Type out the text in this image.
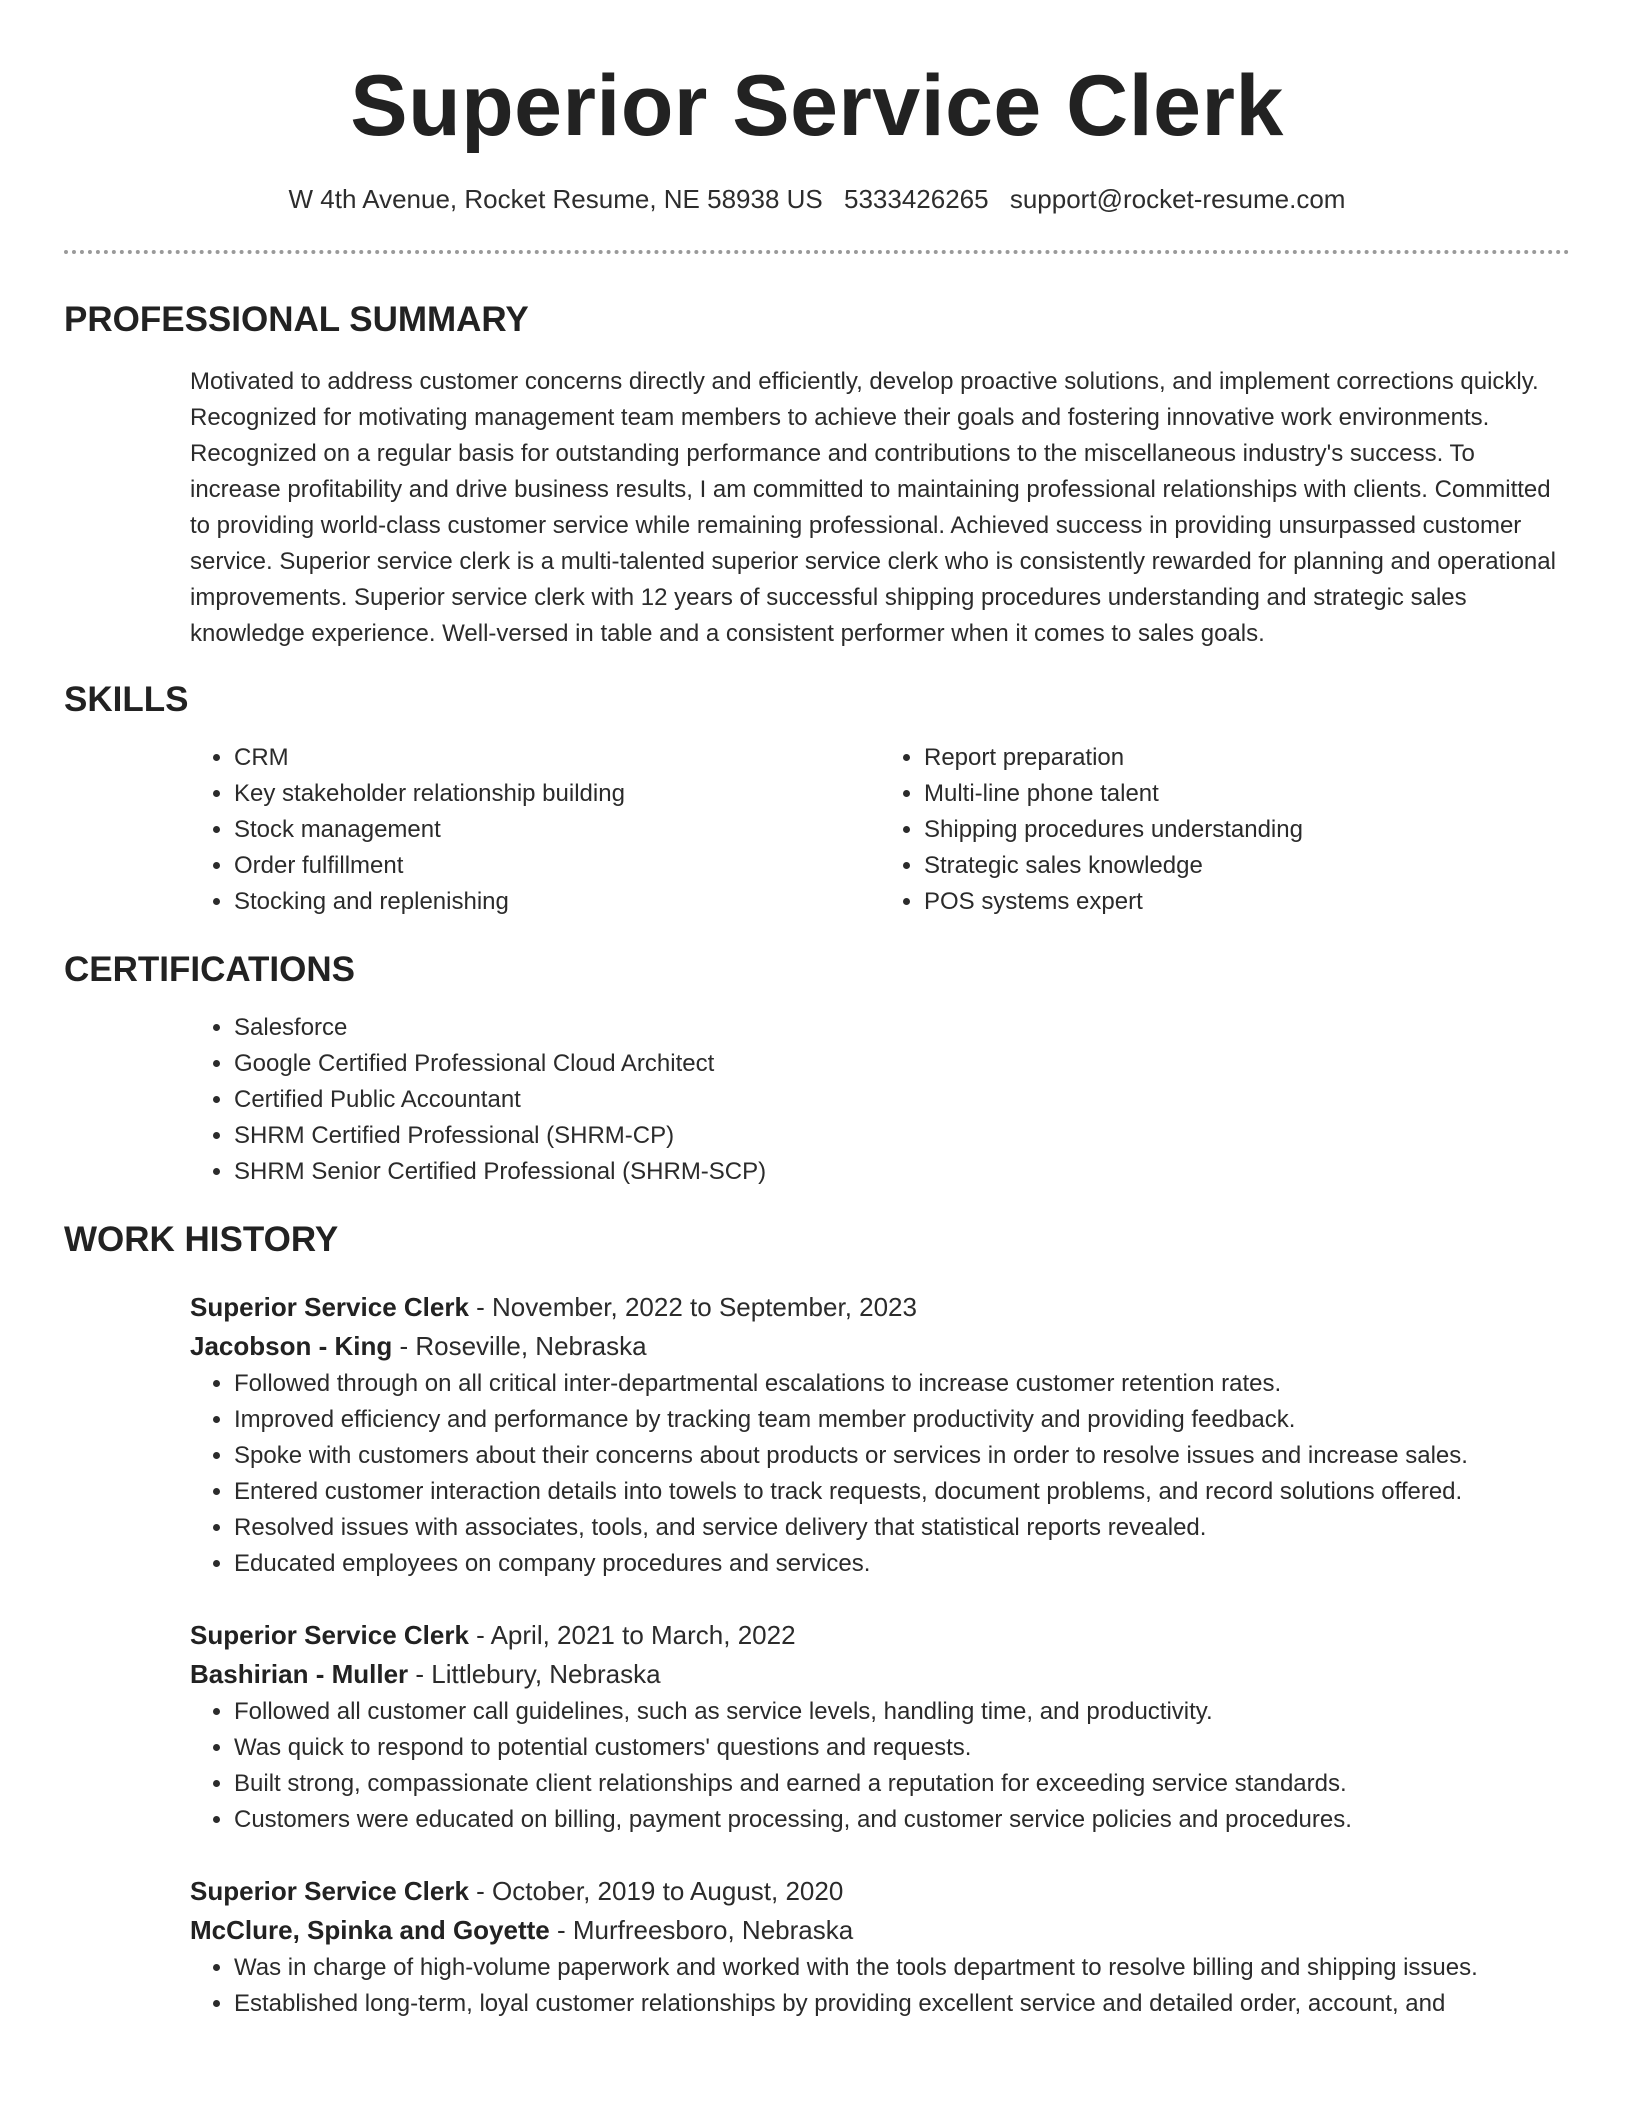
Superior Service Clerk
W 4th Avenue, Rocket Resume, NE 58938 US 5333426265 support@rocket-resume.com
PROFESSIONAL SUMMARY
Motivated to address customer concerns directly and efficiently, develop proactive solutions, and implement corrections quickly. Recognized for motivating management team members to achieve their goals and fostering innovative work environments. Recognized on a regular basis for outstanding performance and contributions to the miscellaneous industry's success. To increase profitability and drive business results, I am committed to maintaining professional relationships with clients. Committed to providing world-class customer service while remaining professional. Achieved success in providing unsurpassed customer service. Superior service clerk is a multi-talented superior service clerk who is consistently rewarded for planning and operational improvements. Superior service clerk with 12 years of successful shipping procedures understanding and strategic sales knowledge experience. Well-versed in table and a consistent performer when it comes to sales goals.
SKILLS
• CRM
• Key stakeholder relationship building
• Stock management
• Order fulfillment
• Stocking and replenishing
• Report preparation
• Multi-line phone talent
• Shipping procedures understanding
• Strategic sales knowledge
• POS systems expert
CERTIFICATIONS
• Salesforce
• Google Certified Professional Cloud Architect
• Certified Public Accountant
• SHRM Certified Professional (SHRM-CP)
• SHRM Senior Certified Professional (SHRM-SCP)
WORK HISTORY
Superior Service Clerk - November, 2022 to September, 2023
Jacobson - King - Roseville, Nebraska
• Followed through on all critical inter-departmental escalations to increase customer retention rates.
• Improved efficiency and performance by tracking team member productivity and providing feedback.
• Spoke with customers about their concerns about products or services in order to resolve issues and increase sales.
• Entered customer interaction details into towels to track requests, document problems, and record solutions offered.
• Resolved issues with associates, tools, and service delivery that statistical reports revealed.
• Educated employees on company procedures and services.
Superior Service Clerk - April, 2021 to March, 2022
Bashirian - Muller - Littlebury, Nebraska
• Followed all customer call guidelines, such as service levels, handling time, and productivity.
• Was quick to respond to potential customers' questions and requests.
• Built strong, compassionate client relationships and earned a reputation for exceeding service standards.
• Customers were educated on billing, payment processing, and customer service policies and procedures.
Superior Service Clerk - October, 2019 to August, 2020
McClure, Spinka and Goyette - Murfreesboro, Nebraska
• Was in charge of high-volume paperwork and worked with the tools department to resolve billing and shipping issues.
• Established long-term, loyal customer relationships by providing excellent service and detailed order, account, and
